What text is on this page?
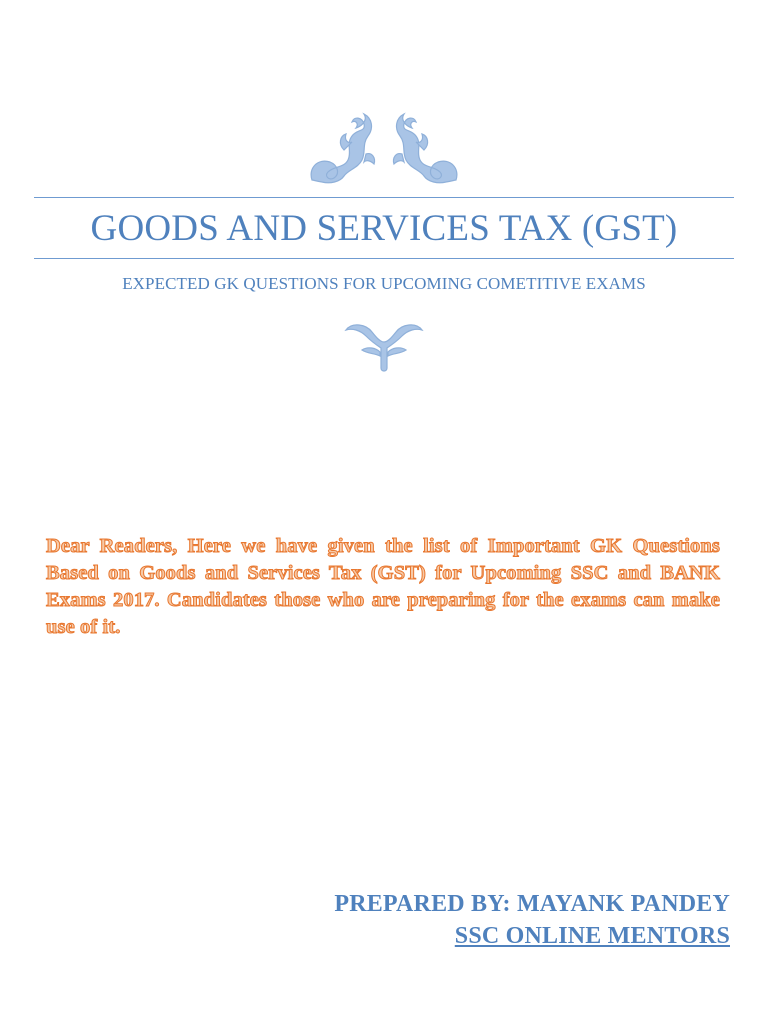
GOODS AND SERVICES TAX (GST)
EXPECTED GK QUESTIONS FOR UPCOMING COMETITIVE EXAMS

Dear Readers, Here we have given the list of Important GK Questions Based on Goods and Services Tax (GST) for Upcoming SSC and BANK Exams 2017. Candidates those who are preparing for the exams can make use of it.

PREPARED BY: MAYANK PANDEY
SSC ONLINE MENTORS
